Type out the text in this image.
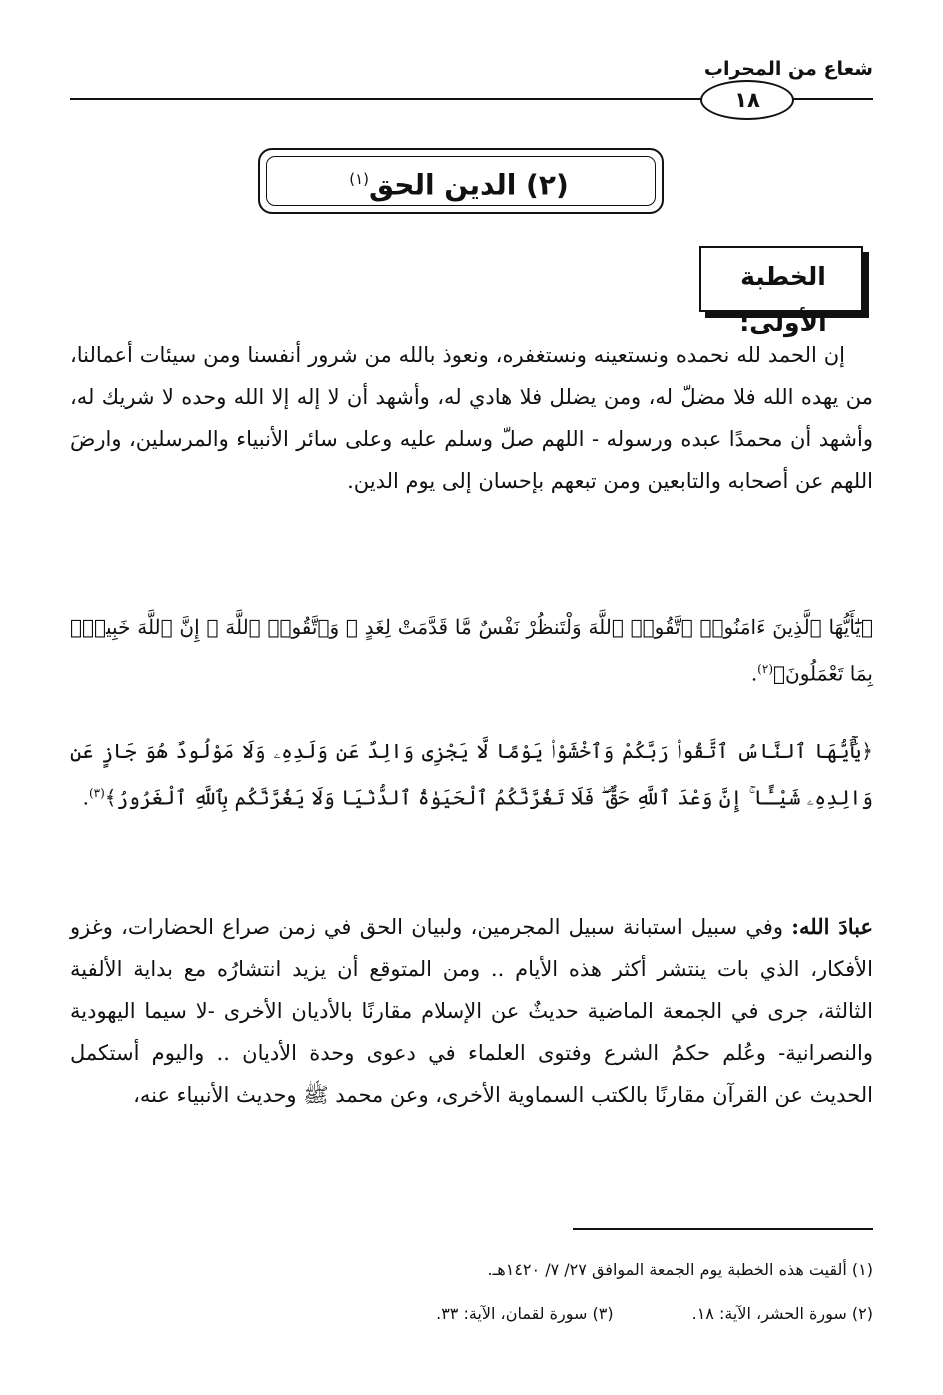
شعاع من المحراب
١٨
(٢) الدين الحق$^{(١)}$
الخطبة الأولى:
إن الحمد لله نحمده ونستعينه ونستغفره، ونعوذ بالله من شرور أنفسنا ومن سيئات أعمالنا، من يهده الله فلا مضلّ له، ومن يضلل فلا هادي له، وأشهد أن لا إله إلا الله وحده لا شريك له، وأشهد أن محمدًا عبده ورسوله - اللهم صلّ وسلم عليه وعلى سائر الأنبياء والمرسلين، وارضَ اللهم عن أصحابه والتابعين ومن تبعهم بإحسان إلى يوم الدين.
﴿يَٰٓأَيُّهَا ٱلَّذِينَ ءَامَنُوا۟ ٱتَّقُوا۟ ٱللَّهَ وَلْتَنظُرْ نَفْسٌ مَّا قَدَّمَتْ لِغَدٍ ۖ وَٱتَّقُوا۟ ٱللَّهَ ۚ إِنَّ ٱللَّهَ خَبِيرٌۢ بِمَا تَعْمَلُونَ﴾$^{(٢)}$.
﴿يَٰٓأَيُّهَا ٱلنَّاسُ ٱتَّقُوا۟ رَبَّكُمْ وَٱخْشَوْا۟ يَوْمًا لَّا يَجْزِى وَالِدٌ عَن وَلَدِهِۦ وَلَا مَوْلُودٌ هُوَ جَازٍ عَن وَالِدِهِۦ شَيْـًٔا ۚ إِنَّ وَعْدَ ٱللَّهِ حَقٌّ ۖ فَلَا تَغُرَّنَّكُمُ ٱلْحَيَوٰةُ ٱلدُّنْيَا وَلَا يَغُرَّنَّكُم بِٱللَّهِ ٱلْغَرُورُ﴾$^{(٣)}$.
عبادَ الله: وفي سبيل استبانة سبيل المجرمين، ولبيان الحق في زمن صراع الحضارات، وغزو الأفكار، الذي بات ينتشر أكثر هذه الأيام .. ومن المتوقع أن يزيد انتشارُه مع بداية الألفية الثالثة، جرى في الجمعة الماضية حديثٌ عن الإسلام مقارنًا بالأديان الأخرى -لا سيما اليهودية والنصرانية- وعُلم حكمُ الشرع وفتوى العلماء في دعوى وحدة الأديان .. واليوم أستكمل الحديث عن القرآن مقارنًا بالكتب السماوية الأخرى، وعن محمد ﷺ وحديث الأنبياء عنه،
(١) ألقيت هذه الخطبة يوم الجمعة الموافق ٢٧/ ٧/ ١٤٢٠هـ.
(٢) سورة الحشر، الآية: ١٨.
(٣) سورة لقمان، الآية: ٣٣.
